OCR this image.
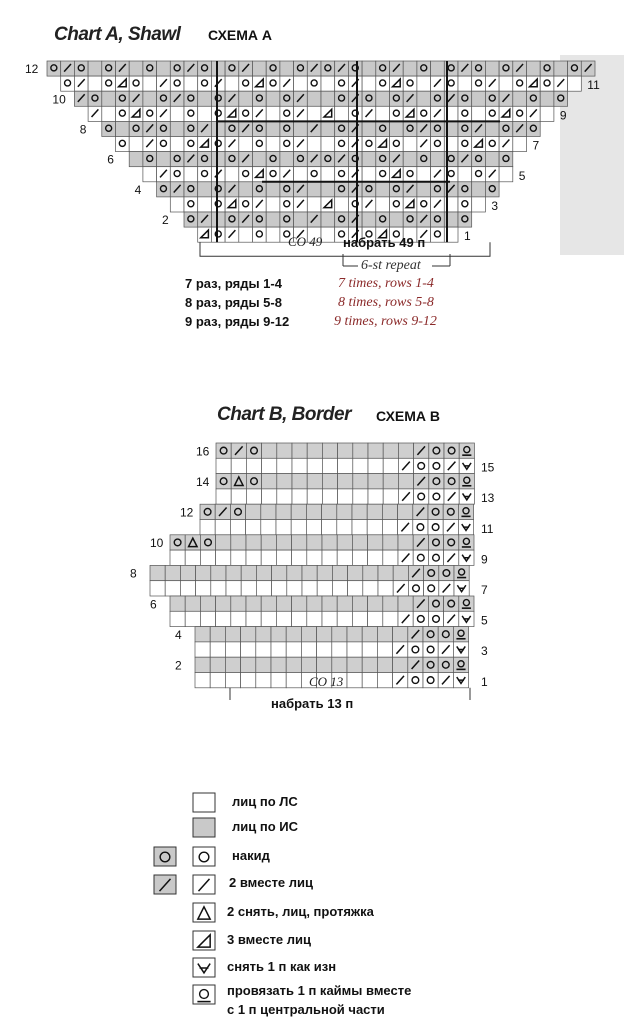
Chart A, Shawl СХЕМА А
12
11
10
9
8
7
6
5
4
3
2
1
CO 49 набрать 49 п
6-st repeat
7 раз, ряды 1-4
8 раз, ряды 5-8
9 раз, ряды 9-12
7 times, rows 1-4
8 times, rows 5-8
9 times, rows 9-12
Chart B, Border СХЕМА В
16
15
14
13
12
11
10
9
8
7
6
5
4
3
2
1
CO 13
набрать 13 п
лиц по ЛС
лиц по ИС
накид
2 вместе лиц
2 снять, лиц, протяжка
3 вместе лиц
снять 1 п как изн
провязать 1 п каймы вместе
с 1 п центральной части
